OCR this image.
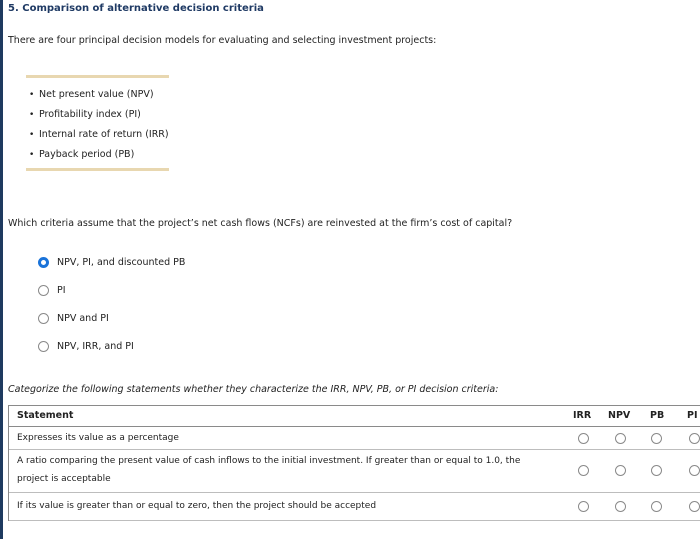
5. Comparison of alternative decision criteria
There are four principal decision models for evaluating and selecting investment projects:
• Net present value (NPV)
• Profitability index (PI)
• Internal rate of return (IRR)
• Payback period (PB)
Which criteria assume that the project’s net cash flows (NCFs) are reinvested at the firm’s cost of capital?
NPV, PI, and discounted PB
PI
NPV and PI
NPV, IRR, and PI
Categorize the following statements whether they characterize the IRR, NPV, PB, or PI decision criteria:
Statement	IRR NPV PB PI
Expresses its value as a percentage
A ratio comparing the present value of cash inflows to the initial investment. If greater than or equal to 1.0, the project is acceptable
If its value is greater than or equal to zero, then the project should be accepted
